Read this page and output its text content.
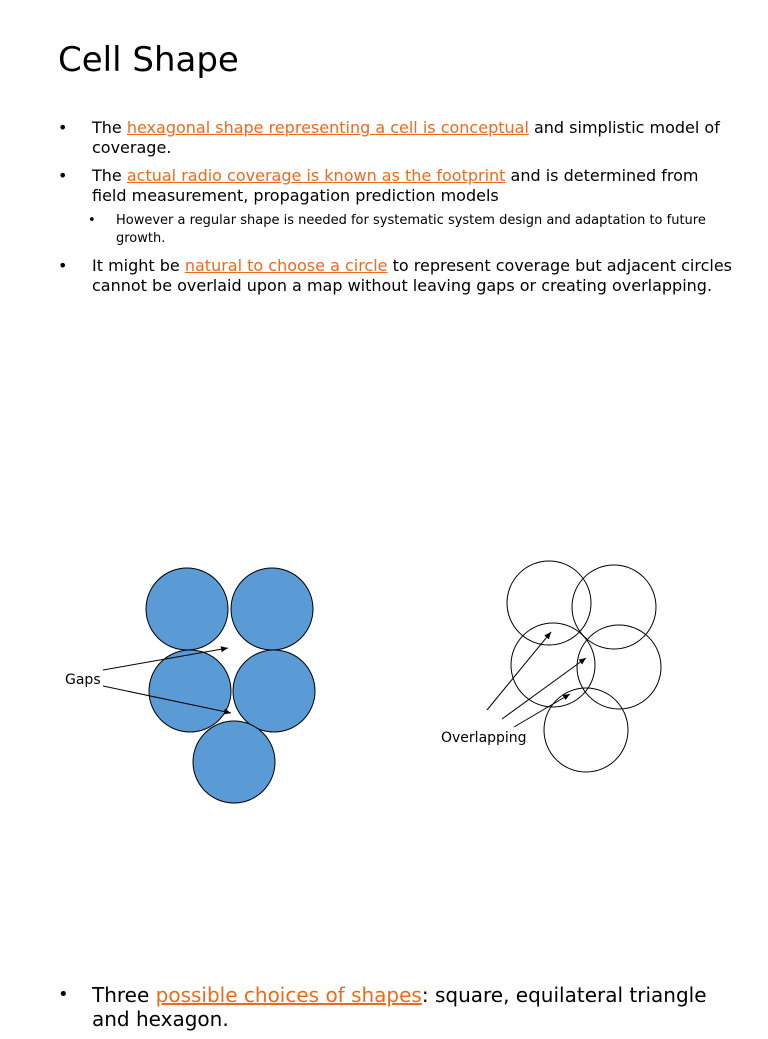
Cell Shape
• The hexagonal shape representing a cell is conceptual and simplistic model of coverage.
• The actual radio coverage is known as the footprint and is determined from field measurement, propagation prediction models
• However a regular shape is needed for systematic system design and adaptation to future growth.
• It might be natural to choose a circle to represent coverage but adjacent circles cannot be overlaid upon a map without leaving gaps or creating overlapping.
Gaps
Overlapping
• Three possible choices of shapes: square, equilateral triangle and hexagon.
